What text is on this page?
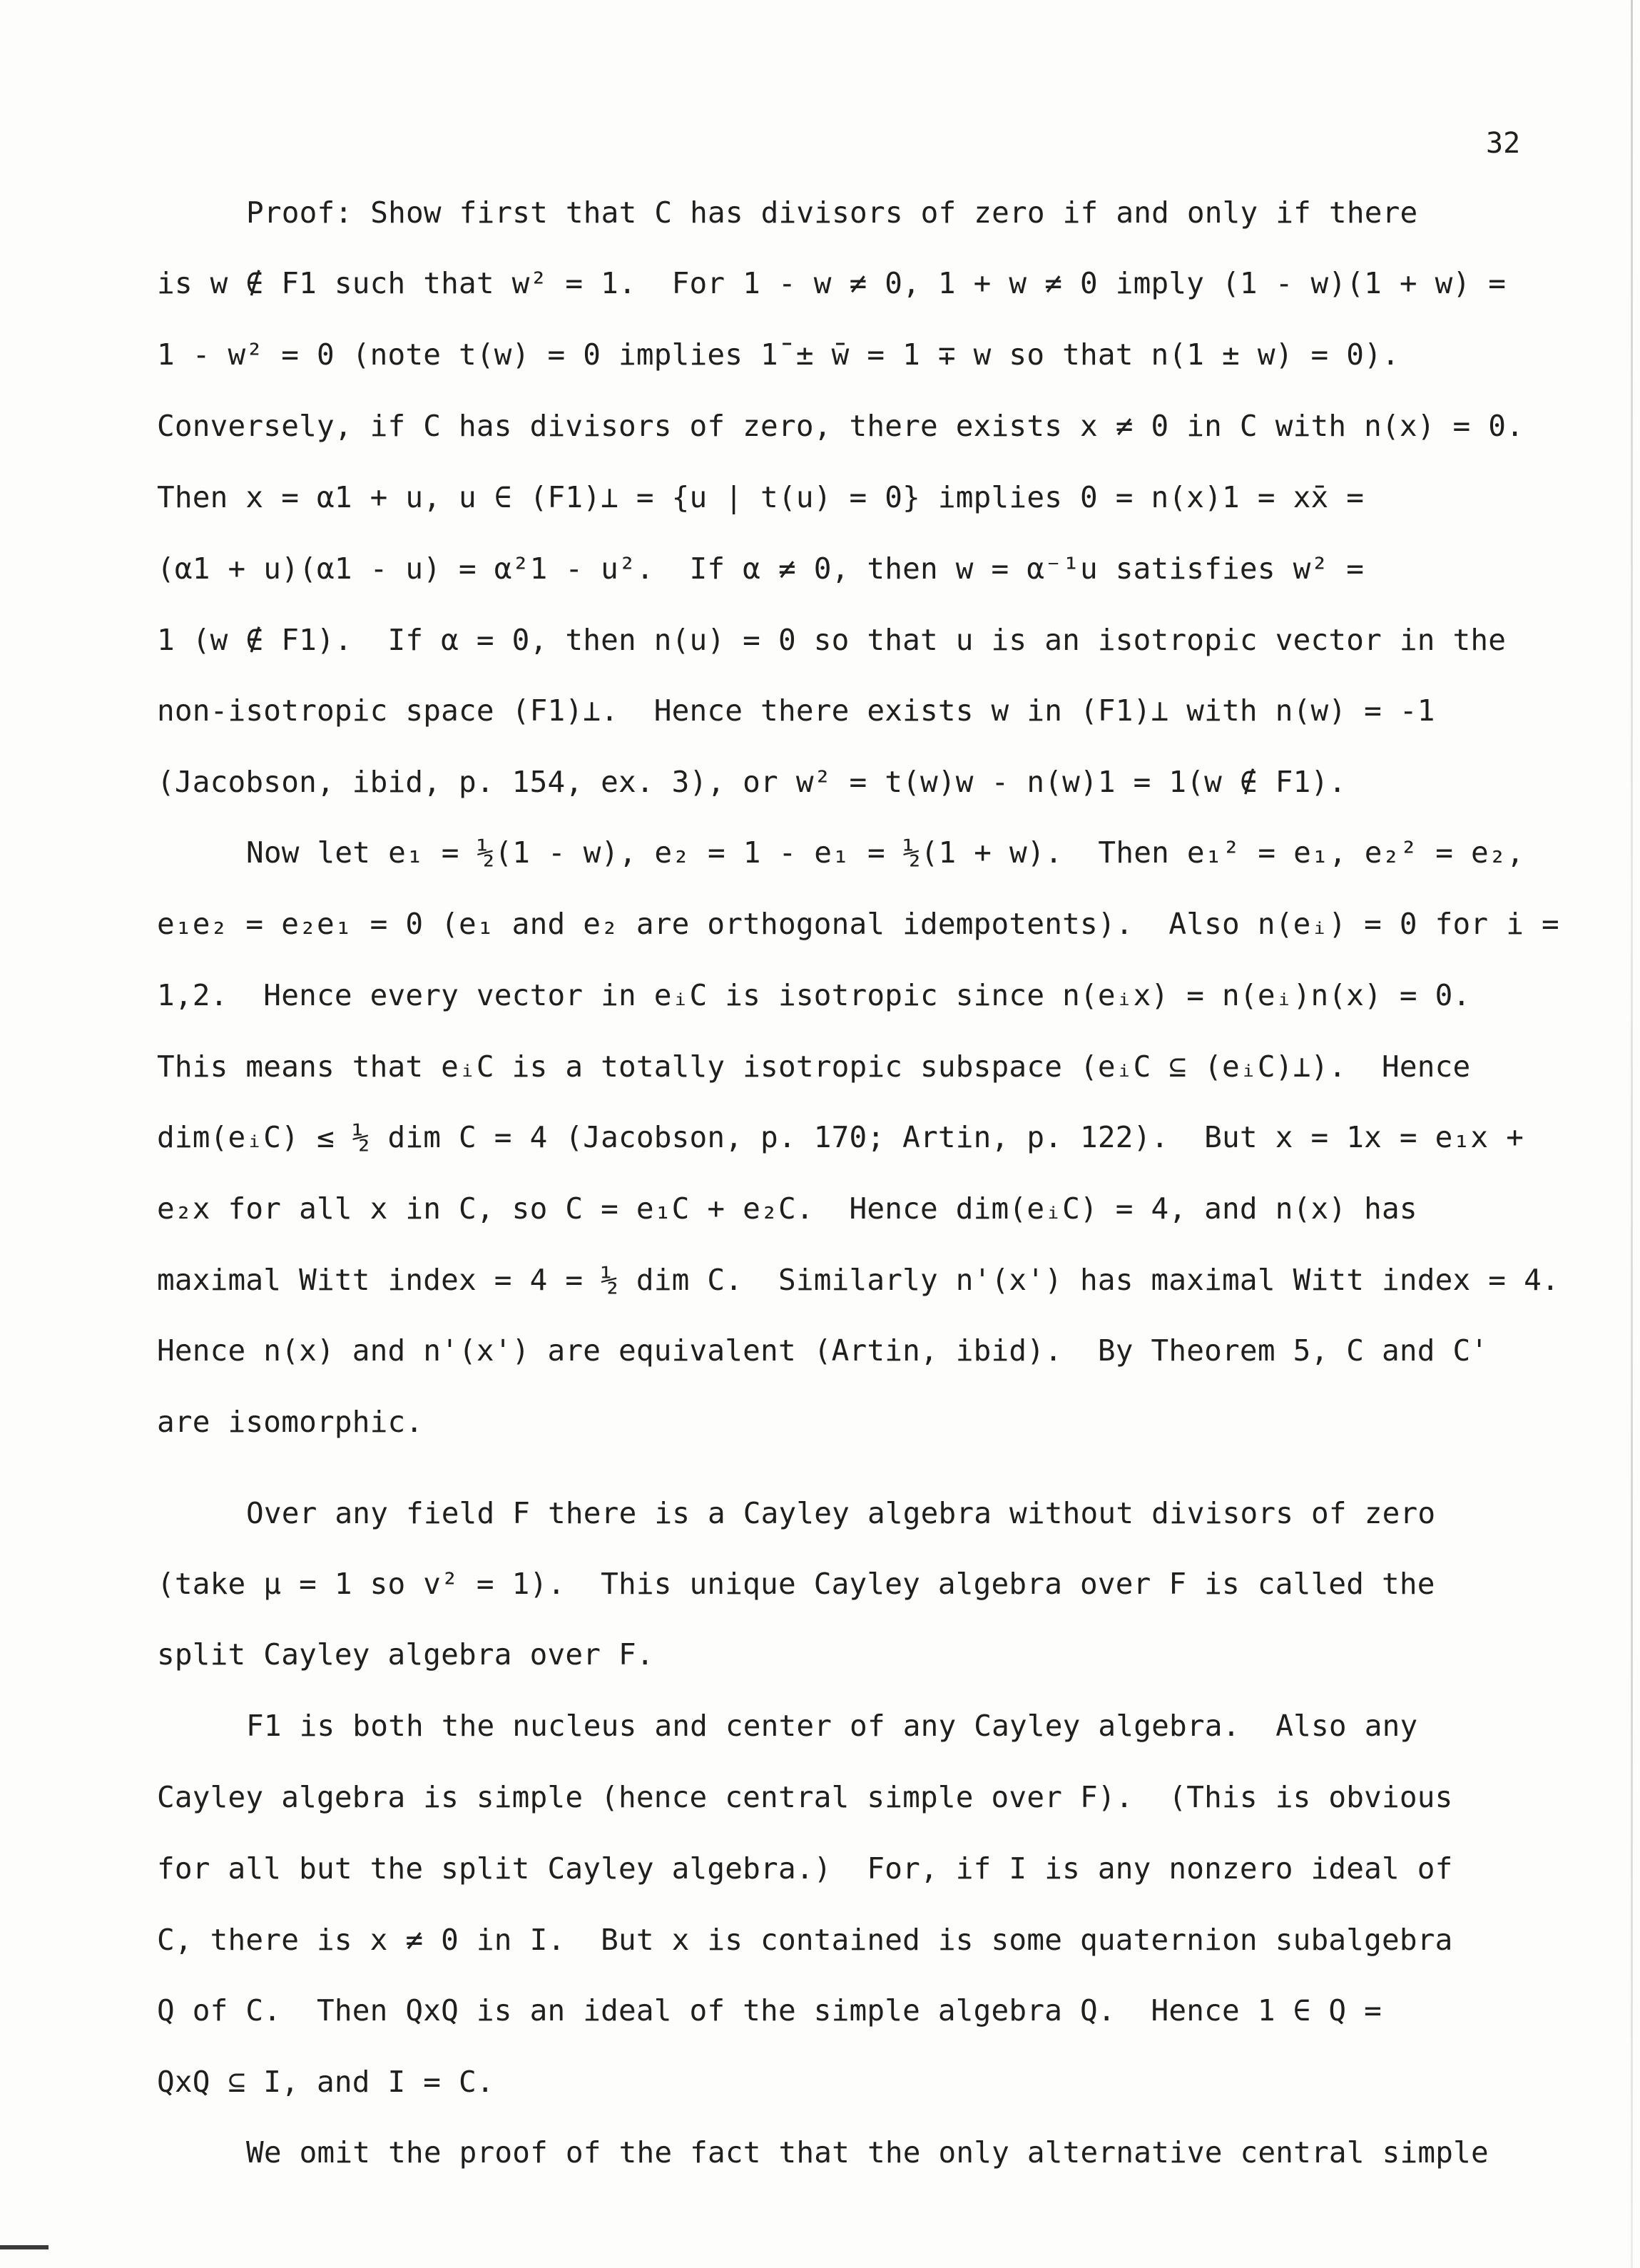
32

Proof: Show first that C has divisors of zero if and only if there

is w ∉ F1 such that w² = 1.  For 1 - w ≠ 0, 1 + w ≠ 0 imply (1 - w)(1 + w) =

1 - w² = 0 (note t(w) = 0 implies 1̄ ± w̄ = 1 ∓ w so that n(1 ± w) = 0).

Conversely, if C has divisors of zero, there exists x ≠ 0 in C with n(x) = 0.

Then x = α1 + u, u ∈ (F1)⊥ = {u | t(u) = 0} implies 0 = n(x)1 = xx̄ =

(α1 + u)(α1 - u) = α²1 - u².  If α ≠ 0, then w = α⁻¹u satisfies w² =

1 (w ∉ F1).  If α = 0, then n(u) = 0 so that u is an isotropic vector in the

non-isotropic space (F1)⊥.  Hence there exists w in (F1)⊥ with n(w) = -1

(Jacobson, ibid, p. 154, ex. 3), or w² = t(w)w - n(w)1 = 1(w ∉ F1).

Now let e₁ = ½(1 - w), e₂ = 1 - e₁ = ½(1 + w).  Then e₁² = e₁, e₂² = e₂,

e₁e₂ = e₂e₁ = 0 (e₁ and e₂ are orthogonal idempotents).  Also n(eᵢ) = 0 for i =

1,2.  Hence every vector in eᵢC is isotropic since n(eᵢx) = n(eᵢ)n(x) = 0.

This means that eᵢC is a totally isotropic subspace (eᵢC ⊆ (eᵢC)⊥).  Hence

dim(eᵢC) ≤ ½ dim C = 4 (Jacobson, p. 170; Artin, p. 122).  But x = 1x = e₁x +

e₂x for all x in C, so C = e₁C + e₂C.  Hence dim(eᵢC) = 4, and n(x) has

maximal Witt index = 4 = ½ dim C.  Similarly n'(x') has maximal Witt index = 4.

Hence n(x) and n'(x') are equivalent (Artin, ibid).  By Theorem 5, C and C'

are isomorphic.

Over any field F there is a Cayley algebra without divisors of zero

(take μ = 1 so v² = 1).  This unique Cayley algebra over F is called the

split Cayley algebra over F.

F1 is both the nucleus and center of any Cayley algebra.  Also any

Cayley algebra is simple (hence central simple over F).  (This is obvious

for all but the split Cayley algebra.)  For, if I is any nonzero ideal of

C, there is x ≠ 0 in I.  But x is contained is some quaternion subalgebra

Q of C.  Then QxQ is an ideal of the simple algebra Q.  Hence 1 ∈ Q =

QxQ ⊆ I, and I = C.

We omit the proof of the fact that the only alternative central simple
